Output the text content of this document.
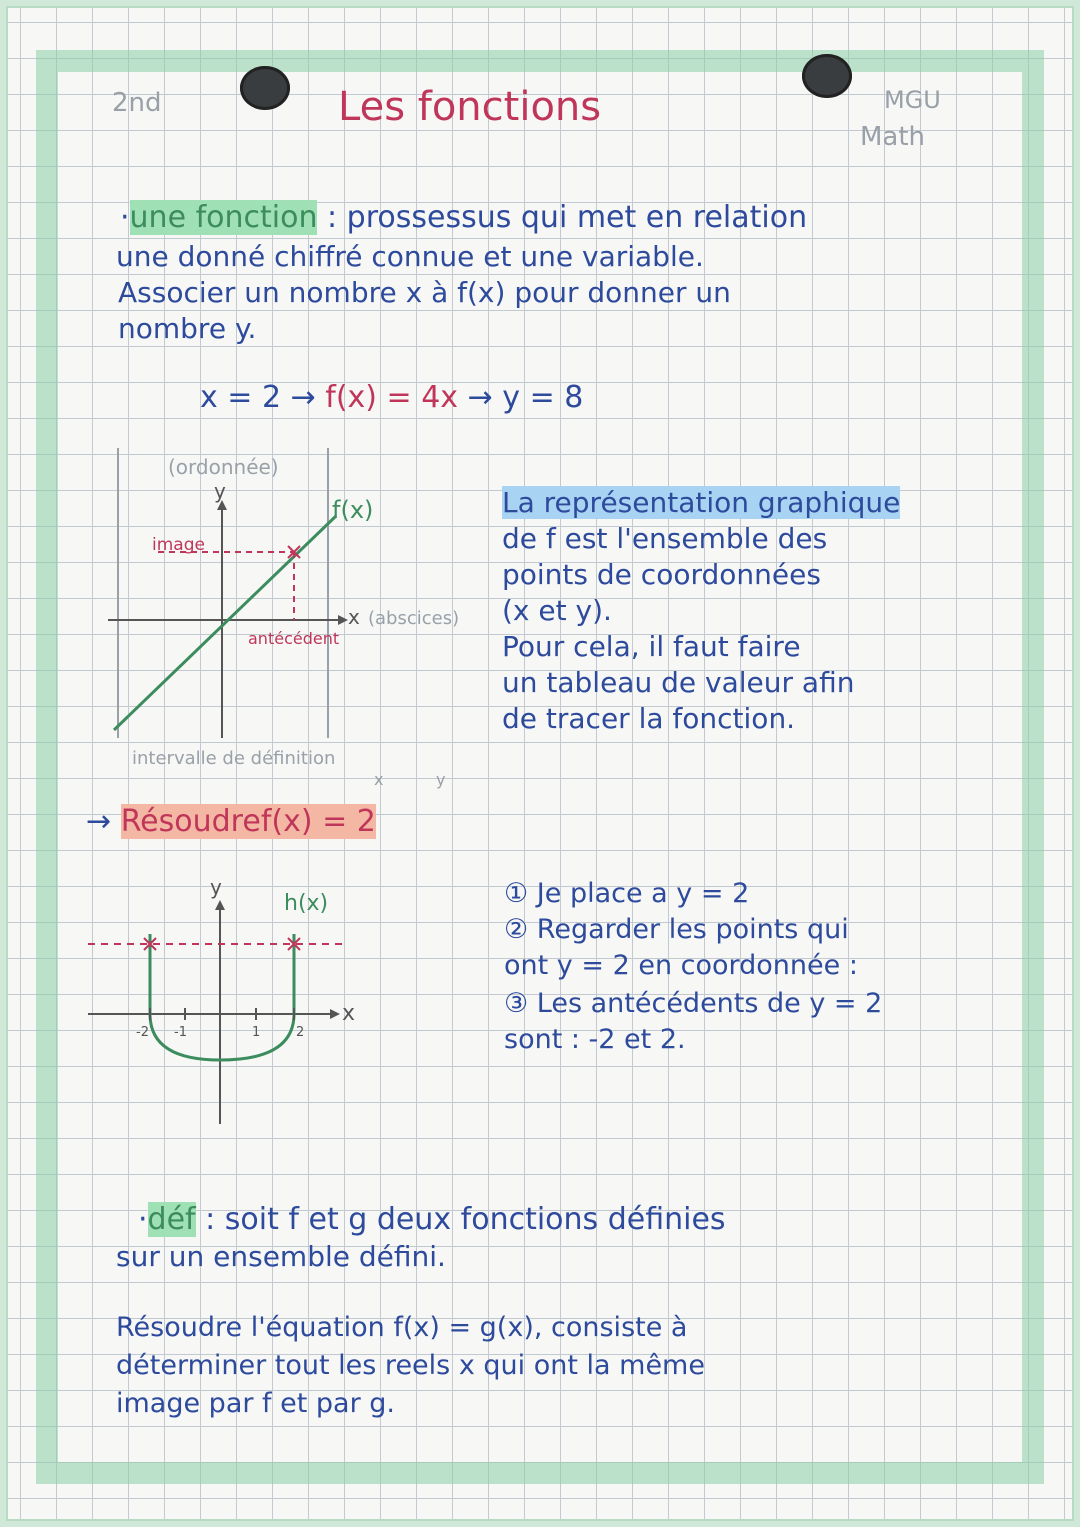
2nd	Les fonctions	MGU
Math
·une fonction : prossessus qui met en relation
une donné chiffré connue et une variable.
Associer un nombre x à f(x) pour donner un
nombre y.
x = 2 → f(x) = 4x → y = 8
(ordonnée)
y
image
f(x)
x (abscices)
antécédent
intervalle de définition
La représentation graphique
de f est l'ensemble des
points de coordonnées
(x et y).
Pour cela, il faut faire
un tableau de valeur afin
de tracer la fonction.
x	y
→ Résoudref(x) = 2
y
h(x)
x
-2 -1	1	2
① Je place a y = 2
② Regarder les points qui
ont y = 2 en coordonnée :
③ Les antécédents de y = 2
sont : -2 et 2.
·déf : soit f et g deux fonctions définies
sur un ensemble défini.
Résoudre l'équation f(x) = g(x), consiste à
déterminer tout les reels x qui ont la même
image par f et par g.
